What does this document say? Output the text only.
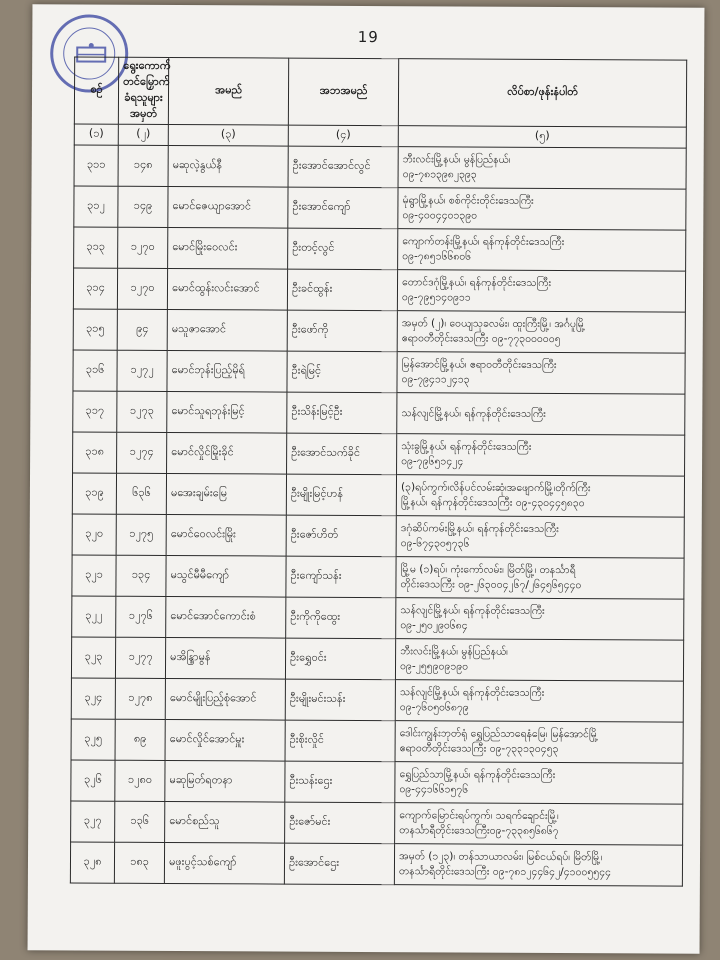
19
စဉ်	ရွေးကောက်တင်မြှောက်ခံရသူများ အမှတ်	အမည်	အဘအမည်	လိပ်စာ/ဖုန်းနံပါတ်
(၁)	(၂)	(၃)	(၄)	(၅)
၃၁၁	၁၄၈	မဆုလဲ့နွယ်နီ	ဦးအောင်အောင်လွင်	ဘီးလင်းမြို့နယ်၊ မွန်ပြည်နယ်၊
၀၉-၇၈၁၃၉၈၂၃၉၃

၃၁၂	၁၄၉	မောင်ဇေယျာအောင်	ဦးအောင်ကျော်	မုံရွာမြို့နယ်၊ စစ်ကိုင်းတိုင်းဒေသကြီး
၀၉-၄၀၀၄၄၀၁၃၉၀

၃၁၃	၁၂၇၀	မောင်မြိုးဝေလင်း	ဦးတင့်လွင်	ကျောက်တန်းမြို့နယ်၊ ရန်ကုန်တိုင်းဒေသကြီး
၀၉-၇၈၅၁၆၆၈၀၆

၃၁၄	၁၂၇၀	မောင်ထွန်းလင်းအောင်	ဦးခင်ထွန်း	တောင်ဒဂုံမြို့နယ်၊ ရန်ကုန်တိုင်းဒေသကြီး
၀၉-၇၉၅၁၄၀၉၁၁

၃၁၅	၉၄	မသူဇာအောင်	ဦးဖော်ကို	အမှတ် (၂)၊ ဝေယျသုခလမ်း၊ ထူးကြီးမြို့၊ အင်္ဂပူမြို့
ဧရာဝတီတိုင်းဒေသကြီး ၀၉-၇၇၃၀၀၀၀၀၅

၃၁၆	၁၂၇၂	မောင်ဘုန်းပြည့်မိုရ်	ဦးရဲမြင့်	မြန်အောင်မြို့နယ်၊ ဧရာဝတီတိုင်းဒေသကြီး
၀၉-၇၉၄၁၁၂၄၁၃

၃၁၇	၁၂၇၃	မောင်သူရဘုန်းမြင့်	ဦးသိန်းမြင့်ဦး	သန်လျင်မြို့နယ်၊ ရန်ကုန်တိုင်းဒေသကြီး

၃၁၈	၁၂၇၄	မောင်လှိုင်မြိုးခိုင်	ဦးအောင်သက်ခိုင်	သုံးခွမြို့နယ်၊ ရန်ကုန်တိုင်းဒေသကြီး
၀၉-၇၉၆၅၁၄၂၄

၃၁၉	၆၃၆	မအေးချမ်းမြေ	ဦးမျိုးမြင့်ဟန်	(၃)ရပ်ကွက်၊လိန်ပင်လမ်းဆုံ၊အဖျောက်မြို့၊တိုက်ကြီး
မြို့နယ်၊ ရန်ကုန်တိုင်းဒေသကြီး ၀၉-၄၃၀၄၄၅၈၃၀

၃၂၀	၁၂၇၅	မောင်ဝေလင်းမြိုး	ဦးဇော်ဟိတ်	ဒဂုံဆိပ်ကမ်းမြို့နယ်၊ ရန်ကုန်တိုင်းဒေသကြီး
၀၉-၆၇၄၃၀၅၇၃၆

၃၂၁	၁၃၄	မသွင်မီမီကျော်	ဦးကျော်သန်း	မြို့မ (၁)ရပ်၊ ကုံးကော်လမ်း၊ မြိတ်မြို့၊ တနင်္သာရီ
တိုင်းဒေသကြီး ၀၉-၂၆၃၀၀၄၂၆၇/၂၆၄၅၆၅၄၄၀

၃၂၂	၁၂၇၆	မောင်အောင်ကောင်းစံ	ဦးကိုကိုထွေး	သန်လျင်မြို့နယ်၊ ရန်ကုန်တိုင်းဒေသကြီး
၀၉-၂၅၀၂၉၀၆၈၄

၃၂၃	၁၂၇၇	မအိန္ဒြာမွန်	ဦးရွှေဝင်း	ဘီးလင်းမြို့နယ်၊ မွန်ပြည်နယ်၊
၀၉-၂၅၅၉၀၉၁၉၀

၃၂၄	၁၂၇၈	မောင်မျိုးပြည့်စုံအောင်	ဦးမျိုးမင်းသန်း	သန်လျင်မြို့နယ်၊ ရန်ကုန်တိုင်းဒေသကြီး
၀၉-၇၆၀၅၀၆၈၇၉

၃၂၅	၈၉	မောင်လှိုင်အောင်မှူး	ဦးစိုးလှိုင်	ဒေါင်းကျွန်းဘုတ်ရုံ ရွှေပြည်သာရေနံမြေ၊ မြန်အောင်မြို့
ဧရာဝတီတိုင်းဒေသကြီး ၀၉-၇၃၃၁၃၀၄၅၃

၃၂၆	၁၂၈၀	မဆုမြတ်ရတနာ	ဦးသန်းဌေး	ရွှေပြည်သာမြို့နယ်၊ ရန်ကုန်တိုင်းဒေသကြီး
၀၉-၄၄၁၆၆၁၅၇၆

၃၂၇	၁၃၆	မောင်စည်သူ	ဦးဇော်မင်း	ကျောက်မြောင်းရပ်ကွက်၊ သရက်ချောင်းမြို့၊
တနင်္သာရီတိုင်းဒေသကြီး၀၉-၇၃၃၈၅၆၈၆၇

၃၂၈	၁၈၃	မဖူးပွင့်သစ်ကျော်	ဦးအောင်ဌေး	အမှတ် (၁၂၃)၊ တန်သာယာလမ်း၊ မြစ်ငယ်ရပ်၊ မြိတ်မြို့၊
တနင်္သာရီတိုင်းဒေသကြီး ၀၉-၇၈၁၂၄၄၆၄၂/၄၁၀၀၅၅၄၄
